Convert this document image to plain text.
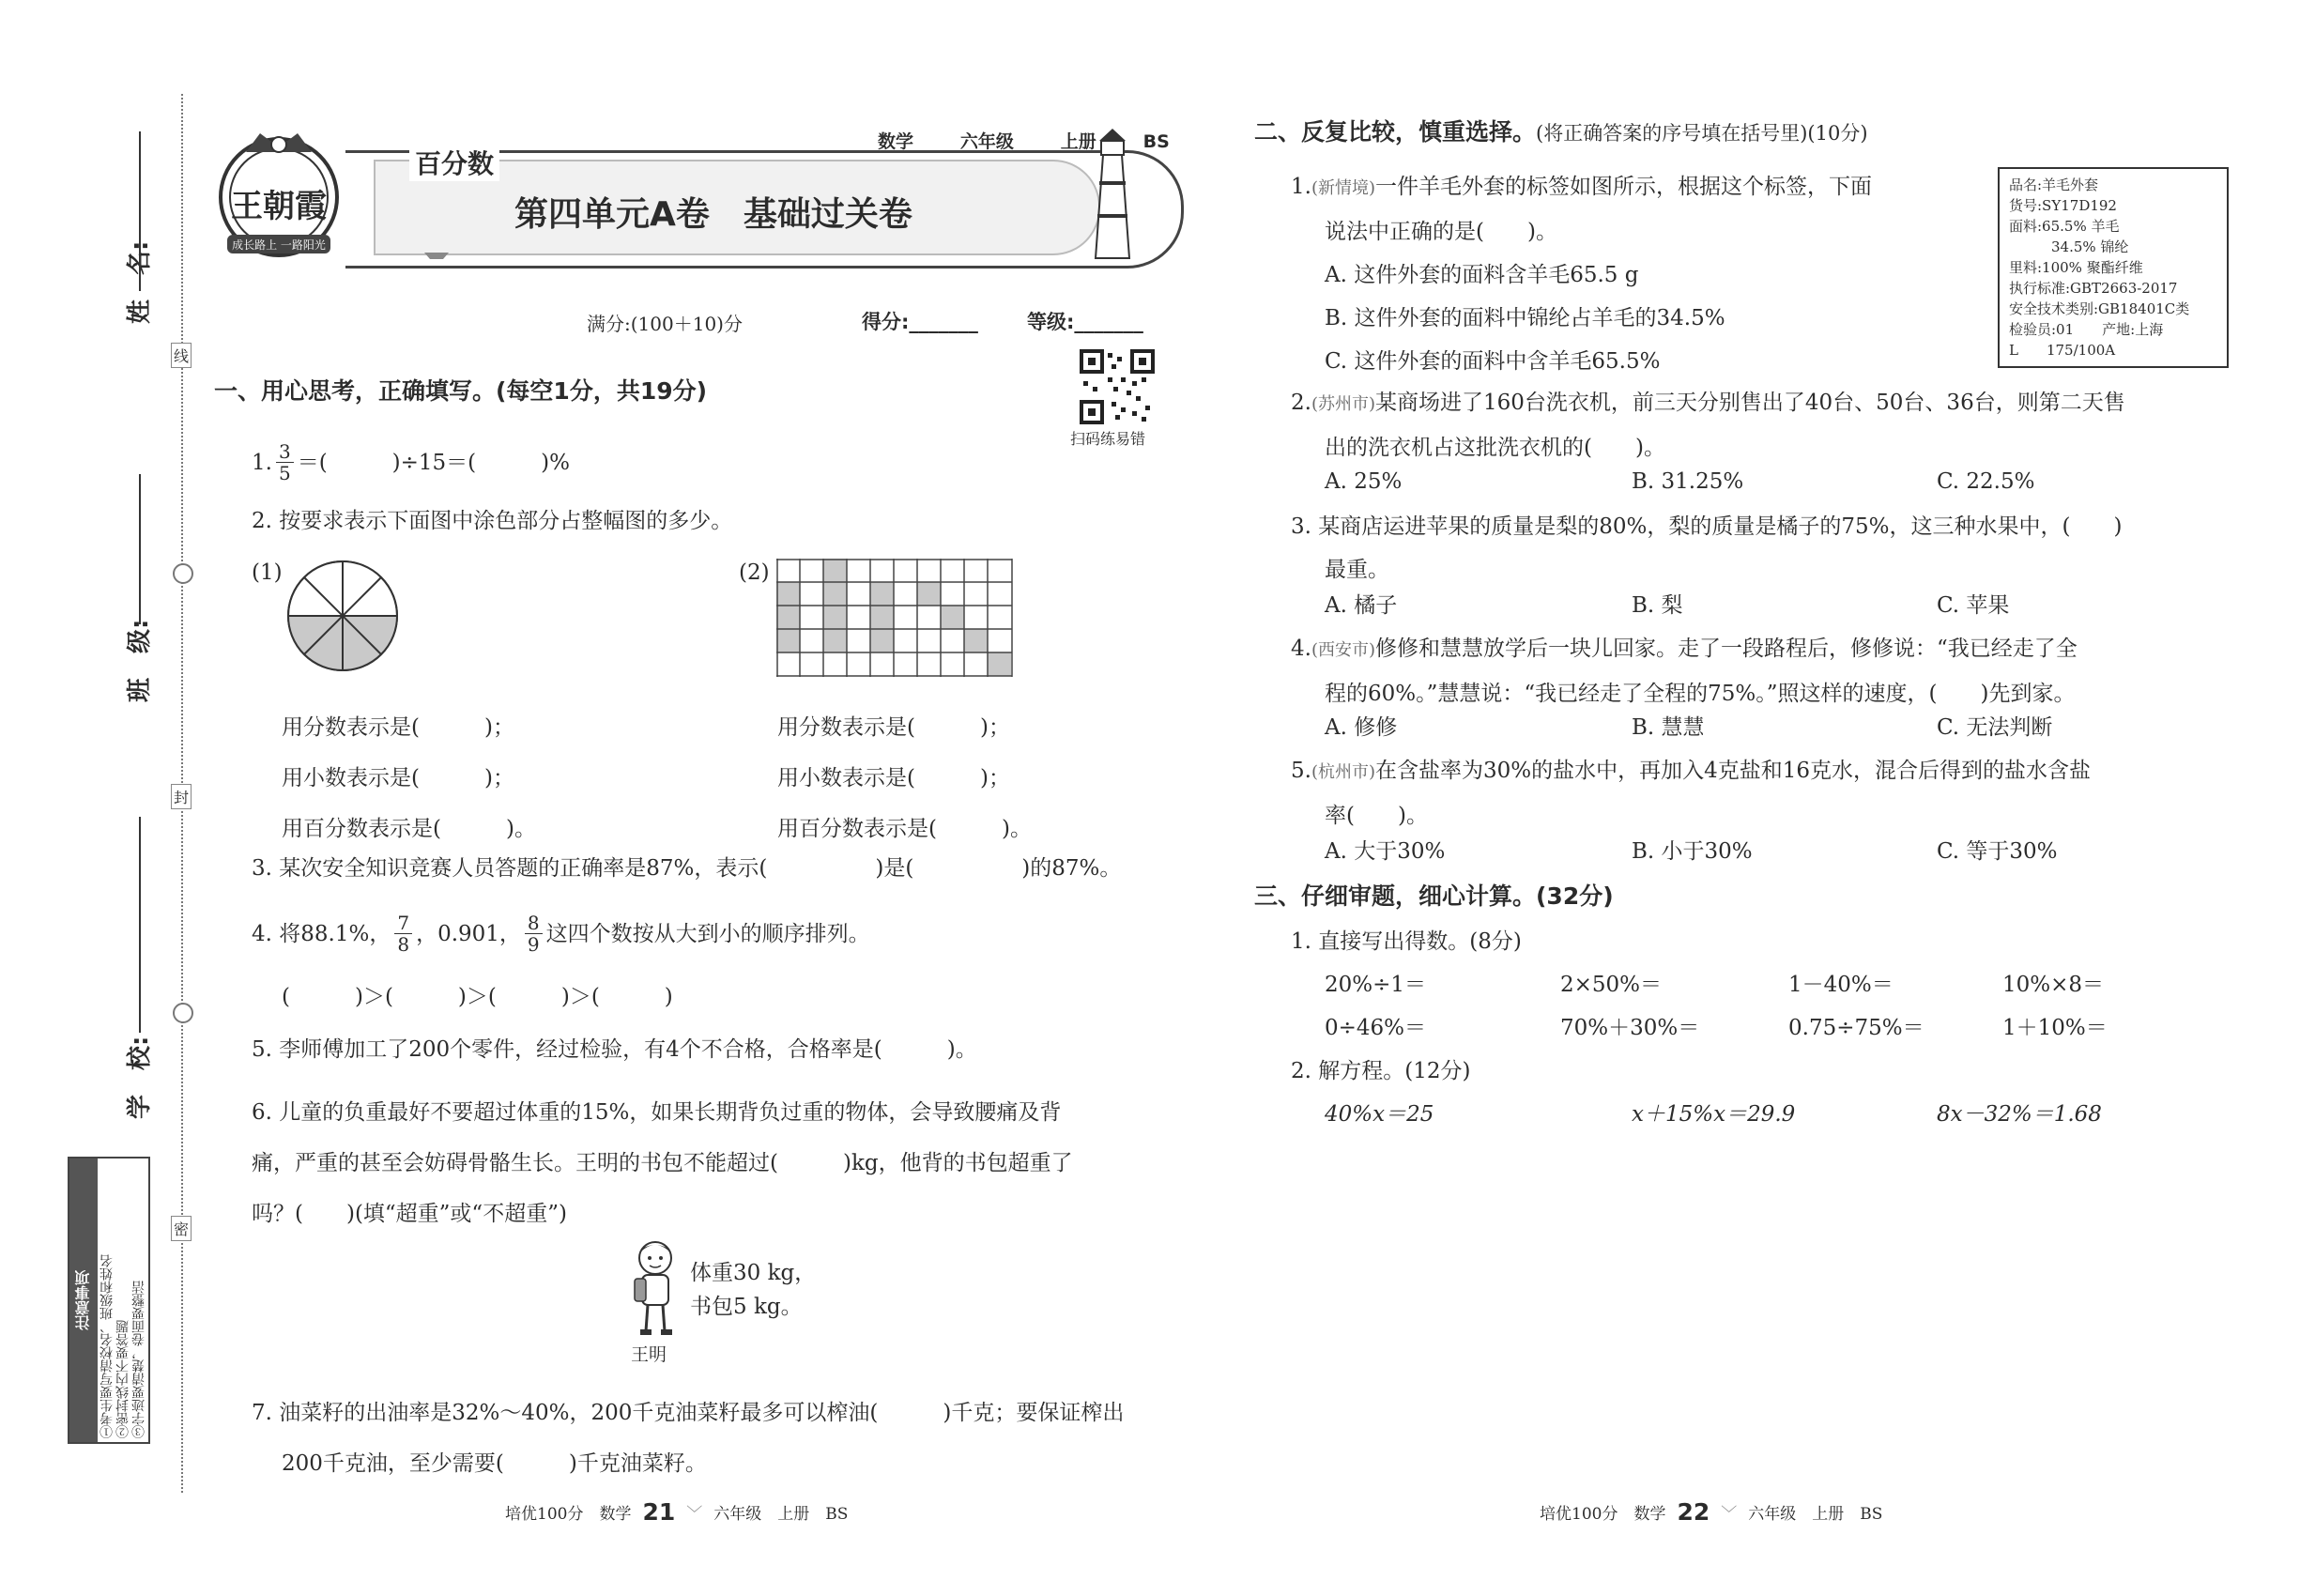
线
封
密
姓　名:
班　级:
学　校:
注意事项 ①考生要写清校名、班级和姓名 ②密封线内不要答题 ③字迹要清楚，卷面要整洁
王朝霞
成长路上 一路阳光
百分数
数学	六年级	上册	BS
第四单元A卷　基础过关卷
满分:(100＋10)分	得分:_______ 等级:_______
扫码练易错
一、用心思考，正确填写。(每空1分，共19分)
1. $\frac{3}{5}$ ＝(　　　)÷15＝(　　　)%
2. 按要求表示下面图中涂色部分占整幅图的多少。
(1)	(2)
用分数表示是(　　　)；
用小数表示是(　　　)；
用百分数表示是(　　　)。
用分数表示是(　　　)；
用小数表示是(　　　)；
用百分数表示是(　　　)。
3. 某次安全知识竞赛人员答题的正确率是87%，表示(　　　　　)是(　　　　　)的87%。
4. 将88.1%， $\frac{7}{8}$ ，0.901， $\frac{8}{9}$ 这四个数按从大到小的顺序排列。
(　　　)＞(　　　)＞(　　　)＞(　　　)
5. 李师傅加工了200个零件，经过检验，有4个不合格，合格率是(　　　)。
6. 儿童的负重最好不要超过体重的15%，如果长期背负过重的物体，会导致腰痛及背
痛，严重的甚至会妨碍骨骼生长。王明的书包不能超过(　　　)kg，他背的书包超重了
吗？(　　)(填“超重”或“不超重”)
体重30 kg，
书包5 kg。
王明
7. 油菜籽的出油率是32%～40%，200千克油菜籽最多可以榨油(　　　)千克；要保证榨出
200千克油，至少需要(　　　)千克油菜籽。
培优100分　数学 21 ﹀ 六年级　上册　BS
二、反复比较，慎重选择。(将正确答案的序号填在括号里)(10分)
1.(新情境)一件羊毛外套的标签如图所示，根据这个标签，下面
说法中正确的是(　　)。
A. 这件外套的面料含羊毛65.5 g
B. 这件外套的面料中锦纶占羊毛的34.5%
C. 这件外套的面料中含羊毛65.5%
品名:羊毛外套
货号:SY17D192
面料:65.5% 羊毛
　　　34.5% 锦纶
里料:100% 聚酯纤维
执行标准:GBT2663-2017
安全技术类别:GB18401C类
检验员:01　　产地:上海
L　　175/100A
2.(苏州市)某商场进了160台洗衣机，前三天分别售出了40台、50台、36台，则第二天售
出的洗衣机占这批洗衣机的(　　)。
A. 25%	B. 31.25%	C. 22.5%
3. 某商店运进苹果的质量是梨的80%，梨的质量是橘子的75%，这三种水果中，(　　)
最重。
A. 橘子	B. 梨	C. 苹果
4.(西安市)修修和慧慧放学后一块儿回家。走了一段路程后，修修说：“我已经走了全
程的60%。”慧慧说：“我已经走了全程的75%。”照这样的速度，(　　)先到家。
A. 修修	B. 慧慧	C. 无法判断
5.(杭州市)在含盐率为30%的盐水中，再加入4克盐和16克水，混合后得到的盐水含盐
率(　　)。
A. 大于30%	B. 小于30%	C. 等于30%
三、仔细审题，细心计算。(32分)
1. 直接写出得数。(8分)
20%÷1＝	2×50%＝	1－40%＝	10%×8＝
0÷46%＝	70%＋30%＝	0.75÷75%＝	1＋10%＝
2. 解方程。(12分)
40%x＝25	x＋15%x＝29.9	8x－32%＝1.68
培优100分　数学 22 ﹀ 六年级　上册　BS
